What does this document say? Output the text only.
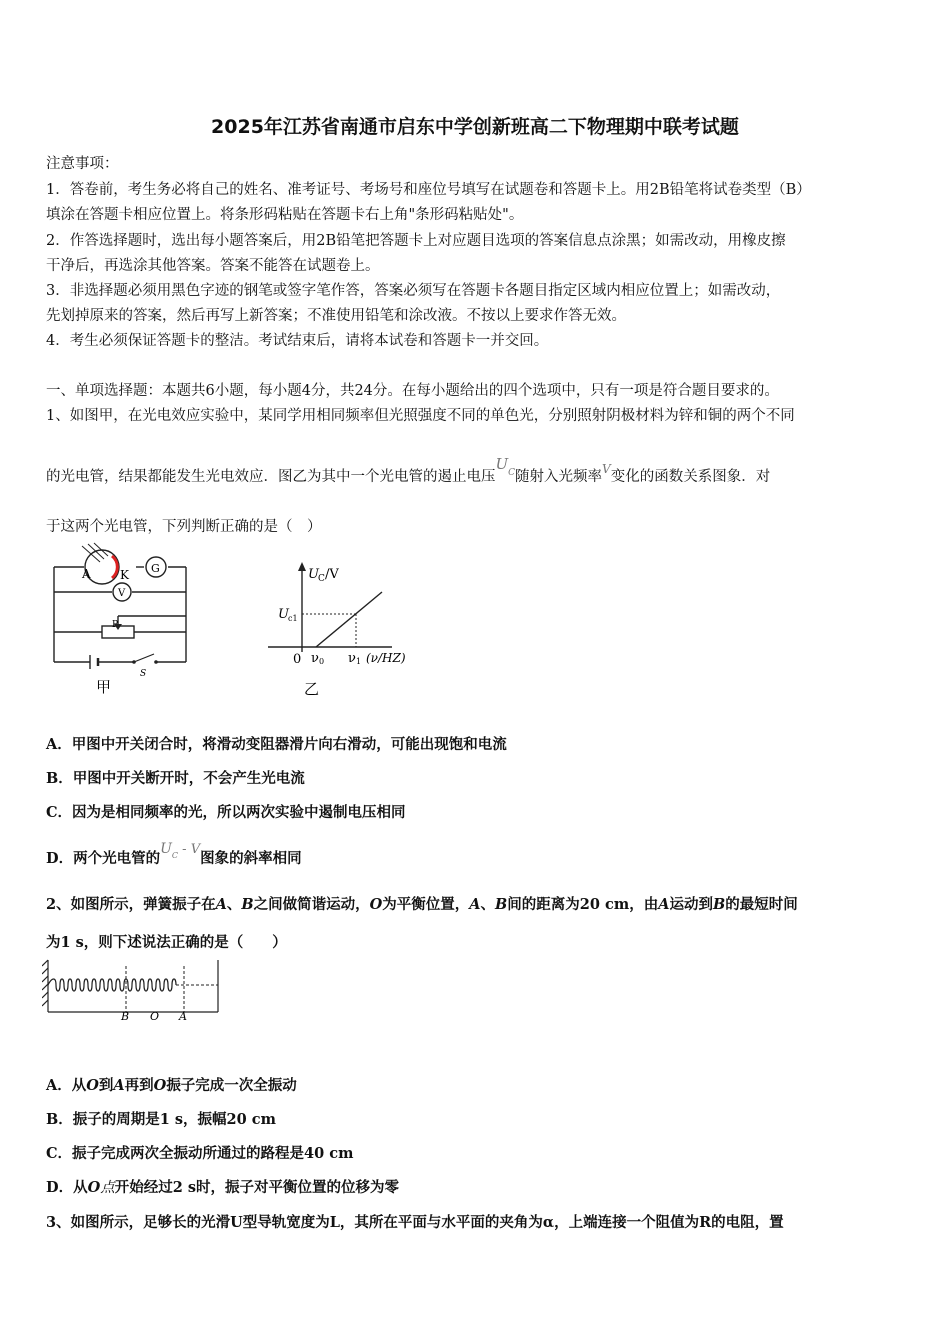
2025年江苏省南通市启东中学创新班高二下物理期中联考试题
注意事项：
1．答卷前，考生务必将自己的姓名、准考证号、考场号和座位号填写在试题卷和答题卡上。用2B铅笔将试卷类型（B）
填涂在答题卡相应位置上。将条形码粘贴在答题卡右上角"条形码粘贴处"。
2．作答选择题时，选出每小题答案后，用2B铅笔把答题卡上对应题目选项的答案信息点涂黑；如需改动，用橡皮擦
干净后，再选涂其他答案。答案不能答在试题卷上。
3．非选择题必须用黑色字迹的钢笔或签字笔作答，答案必须写在答题卡各题目指定区域内相应位置上；如需改动，
先划掉原来的答案，然后再写上新答案；不准使用铅笔和涂改液。不按以上要求作答无效。
4．考生必须保证答题卡的整洁。考试结束后，请将本试卷和答题卡一并交回。
一、单项选择题：本题共6小题，每小题4分，共24分。在每小题给出的四个选项中，只有一项是符合题目要求的。
1、如图甲，在光电效应实验中，某同学用相同频率但光照强度不同的单色光，分别照射阴极材料为锌和铜的两个不同
的光电管，结果都能发生光电效应．图乙为其中一个光电管的遏止电压$U^C$随射入光频率$^V$变化的函数关系图象．对
于这两个光电管，下列判断正确的是（　）
A K G
V
P
S
甲
U C /V
U c1
0 ν 0 ν 1 (ν/HZ)
乙
A．甲图中开关闭合时，将滑动变阻器滑片向右滑动，可能出现饱和电流
B．甲图中开关断开时，不会产生光电流
C．因为是相同频率的光，所以两次实验中遏制电压相同
D．两个光电管的$U^C$ - V图象的斜率相同
2、如图所示，弹簧振子在A、B之间做简谐运动，O为平衡位置，A、B间的距离为20 cm，由A运动到B的最短时间
为1 s，则下述说法正确的是（　　）
B O A
A．从O到A再到O振子完成一次全振动
B．振子的周期是1 s，振幅20 cm
C．振子完成两次全振动所通过的路程是40 cm
D．从O点开始经过2 s时，振子对平衡位置的位移为零
3、如图所示，足够长的光滑U型导轨宽度为L，其所在平面与水平面的夹角为α，上端连接一个阻值为R的电阻，置
